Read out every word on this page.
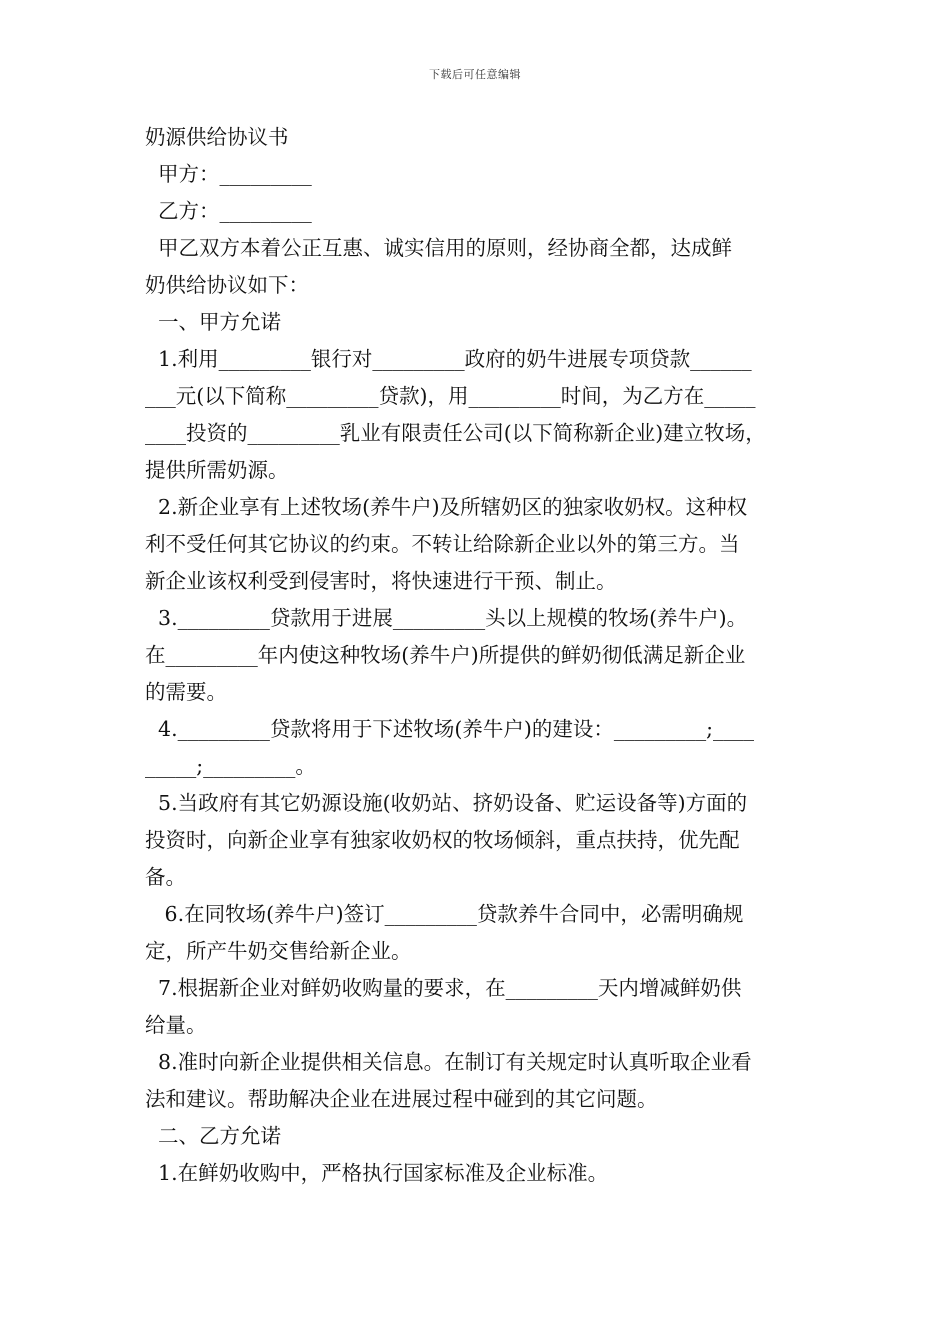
下载后可任意编辑

奶源供给协议书

甲方：_________

乙方：_________

甲乙双方本着公正互惠、诚实信用的原则，经协商全都，达成鲜

奶供给协议如下：

一、甲方允诺

1.利用_________银行对_________政府的奶牛进展专项贷款______

___元(以下简称_________贷款)，用_________时间，为乙方在_____

____投资的_________乳业有限责任公司(以下简称新企业)建立牧场，

提供所需奶源。

2.新企业享有上述牧场(养牛户)及所辖奶区的独家收奶权。这种权

利不受任何其它协议的约束。不转让给除新企业以外的第三方。当

新企业该权利受到侵害时，将快速进行干预、制止。

3._________贷款用于进展_________头以上规模的牧场(养牛户)。

在_________年内使这种牧场(养牛户)所提供的鲜奶彻低满足新企业

的需要。

4._________贷款将用于下述牧场(养牛户)的建设：_________;____

_____;_________。

5.当政府有其它奶源设施(收奶站、挤奶设备、贮运设备等)方面的

投资时，向新企业享有独家收奶权的牧场倾斜，重点扶持，优先配

备。

6.在同牧场(养牛户)签订_________贷款养牛合同中，必需明确规

定，所产牛奶交售给新企业。

7.根据新企业对鲜奶收购量的要求，在_________天内增减鲜奶供

给量。

8.准时向新企业提供相关信息。在制订有关规定时认真听取企业看

法和建议。帮助解决企业在进展过程中碰到的其它问题。

二、乙方允诺

1.在鲜奶收购中，严格执行国家标准及企业标准。
